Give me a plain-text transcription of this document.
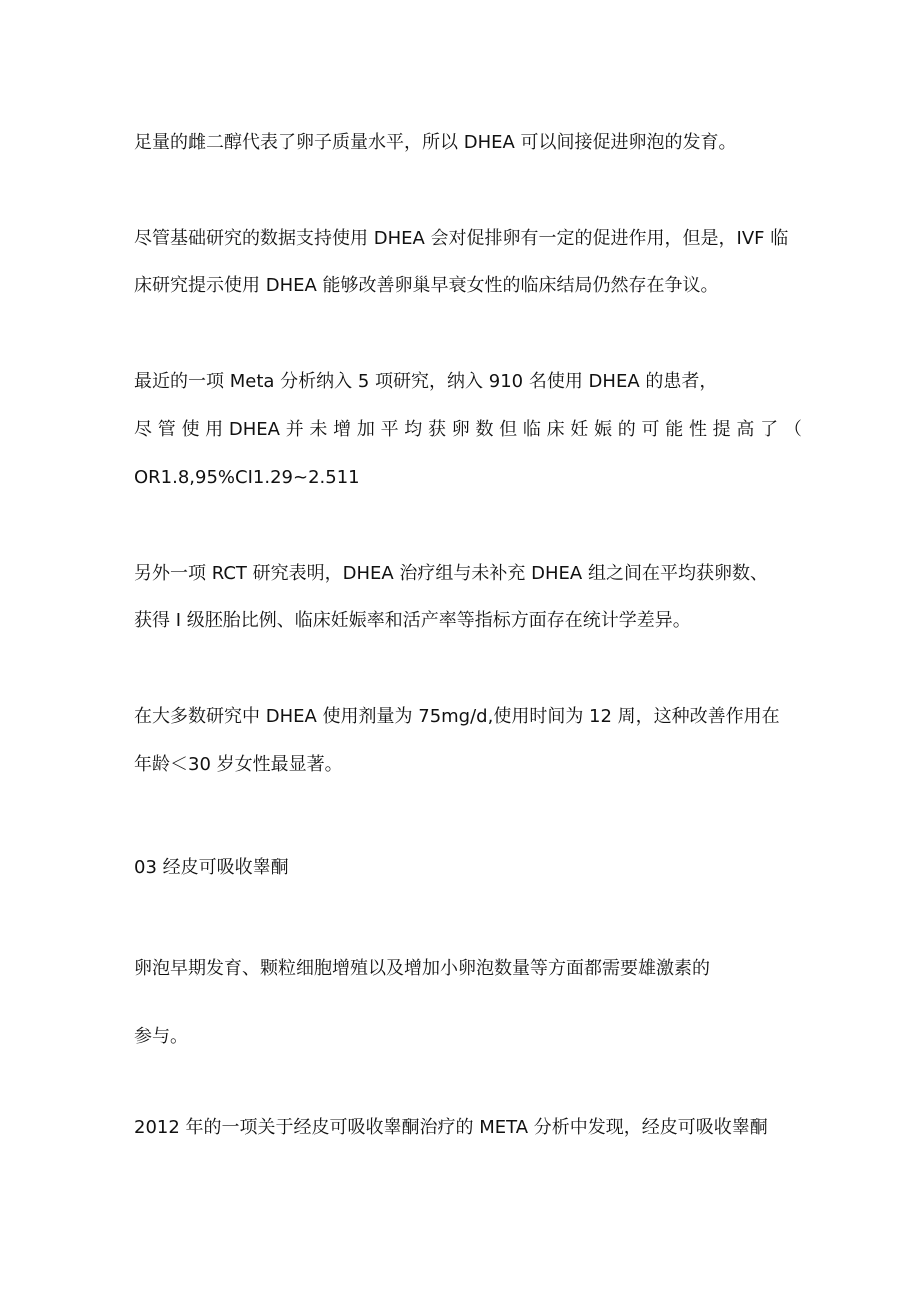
足量的雌二醇代表了卵子质量水平，所以 DHEA 可以间接促进卵泡的发育。

尽管基础研究的数据支持使用 DHEA 会对促排卵有一定的促进作用，但是，IVF 临

床研究提示使用 DHEA 能够改善卵巢早衰女性的临床结局仍然存在争议。

最近的一项 Meta 分析纳入 5 项研究，纳入 910 名使用 DHEA 的患者，

尽 管 使 用 DHEA 并 未 增 加 平 均 获 卵 数 但 临 床 妊 娠 的 可 能 性 提 高 了 （

OR1.8,95%CI1.29~2.511

另外一项 RCT 研究表明，DHEA 治疗组与未补充 DHEA 组之间在平均获卵数、

获得 I 级胚胎比例、临床妊娠率和活产率等指标方面存在统计学差异。

在大多数研究中 DHEA 使用剂量为 75mg/d,使用时间为 12 周，这种改善作用在

年龄＜30 岁女性最显著。

03 经皮可吸收睾酮

卵泡早期发育、颗粒细胞增殖以及增加小卵泡数量等方面都需要雄激素的

参与。

2012 年的一项关于经皮可吸收睾酮治疗的 META 分析中发现，经皮可吸收睾酮
